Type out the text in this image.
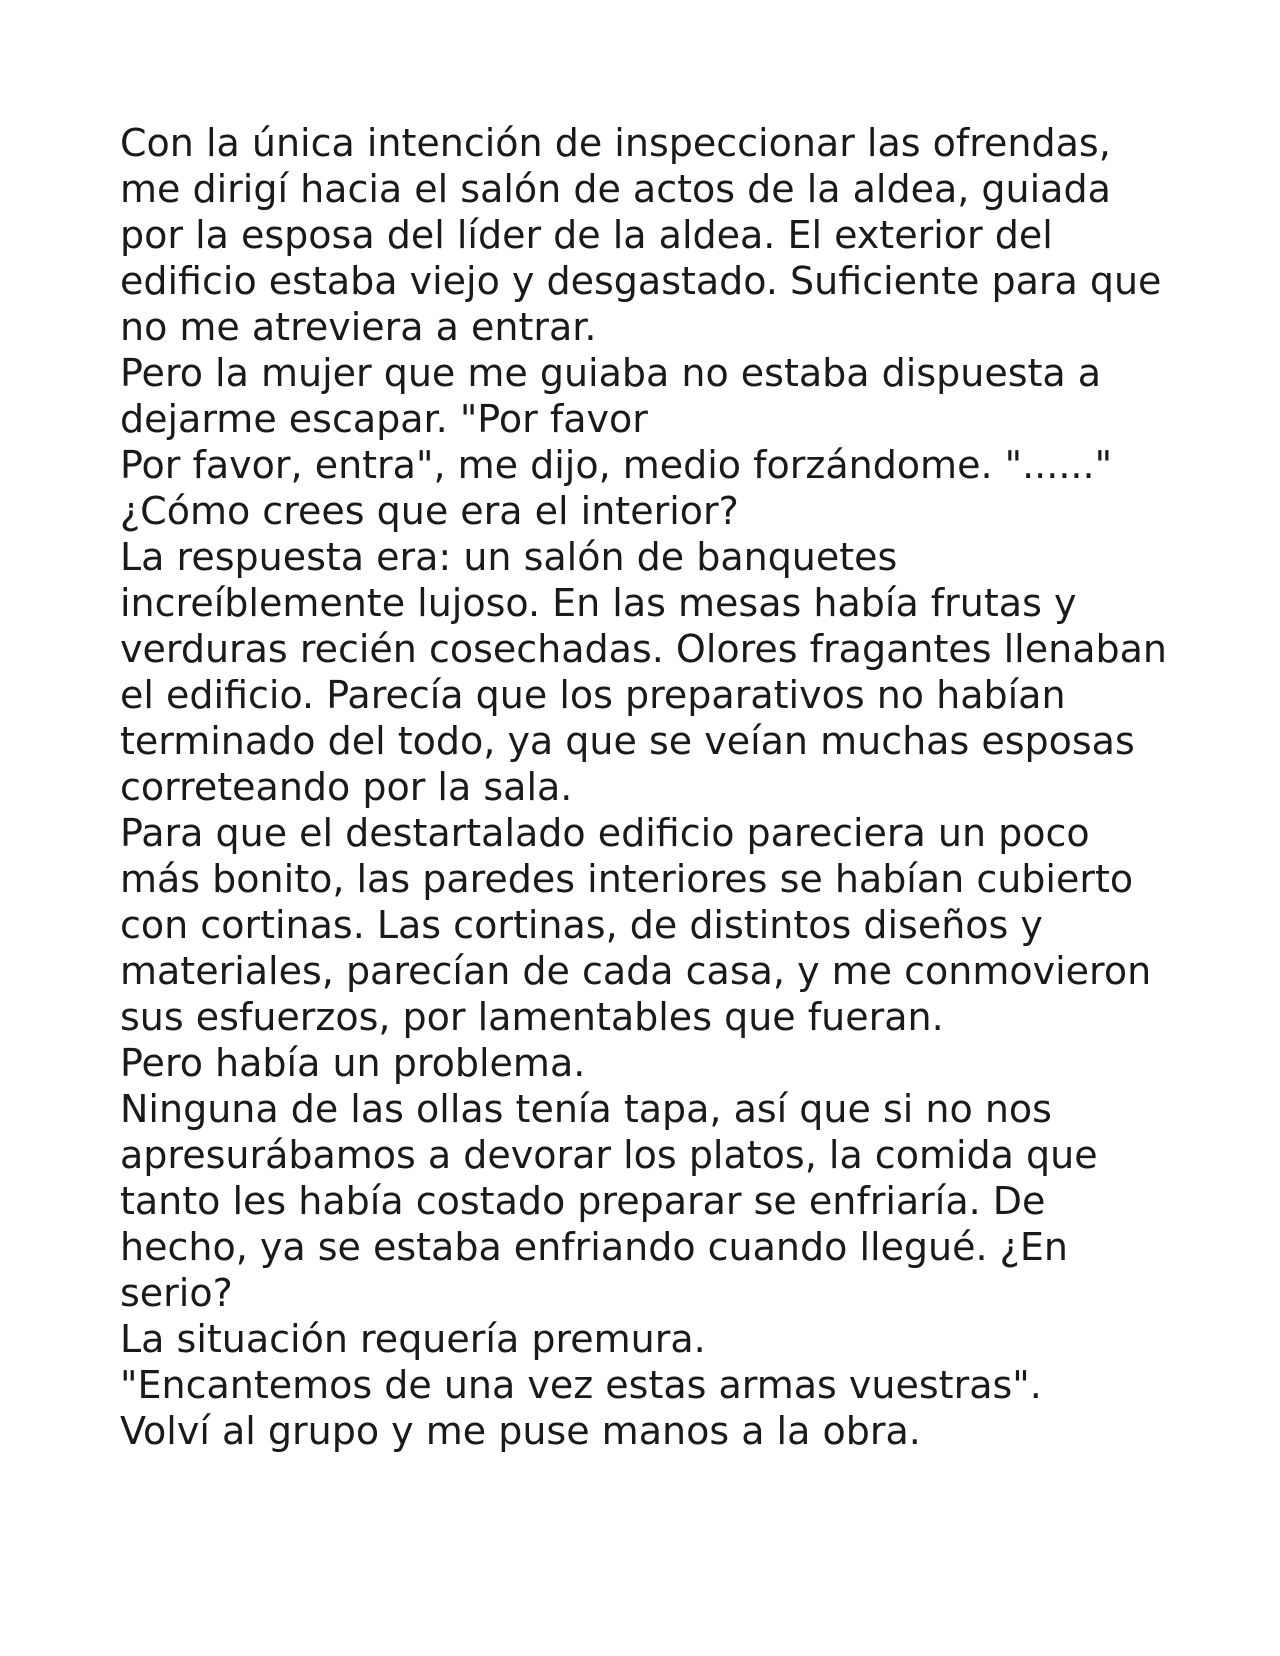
Con la única intención de inspeccionar las ofrendas,
me dirigí hacia el salón de actos de la aldea, guiada
por la esposa del líder de la aldea. El exterior del
edificio estaba viejo y desgastado. Suficiente para que
no me atreviera a entrar.
Pero la mujer que me guiaba no estaba dispuesta a
dejarme escapar. "Por favor
Por favor, entra", me dijo, medio forzándome. "......"
¿Cómo crees que era el interior?
La respuesta era: un salón de banquetes
increíblemente lujoso. En las mesas había frutas y
verduras recién cosechadas. Olores fragantes llenaban
el edificio. Parecía que los preparativos no habían
terminado del todo, ya que se veían muchas esposas
correteando por la sala.
Para que el destartalado edificio pareciera un poco
más bonito, las paredes interiores se habían cubierto
con cortinas. Las cortinas, de distintos diseños y
materiales, parecían de cada casa, y me conmovieron
sus esfuerzos, por lamentables que fueran.
Pero había un problema.
Ninguna de las ollas tenía tapa, así que si no nos
apresurábamos a devorar los platos, la comida que
tanto les había costado preparar se enfriaría. De
hecho, ya se estaba enfriando cuando llegué. ¿En
serio?
La situación requería premura.
"Encantemos de una vez estas armas vuestras".
Volví al grupo y me puse manos a la obra.
